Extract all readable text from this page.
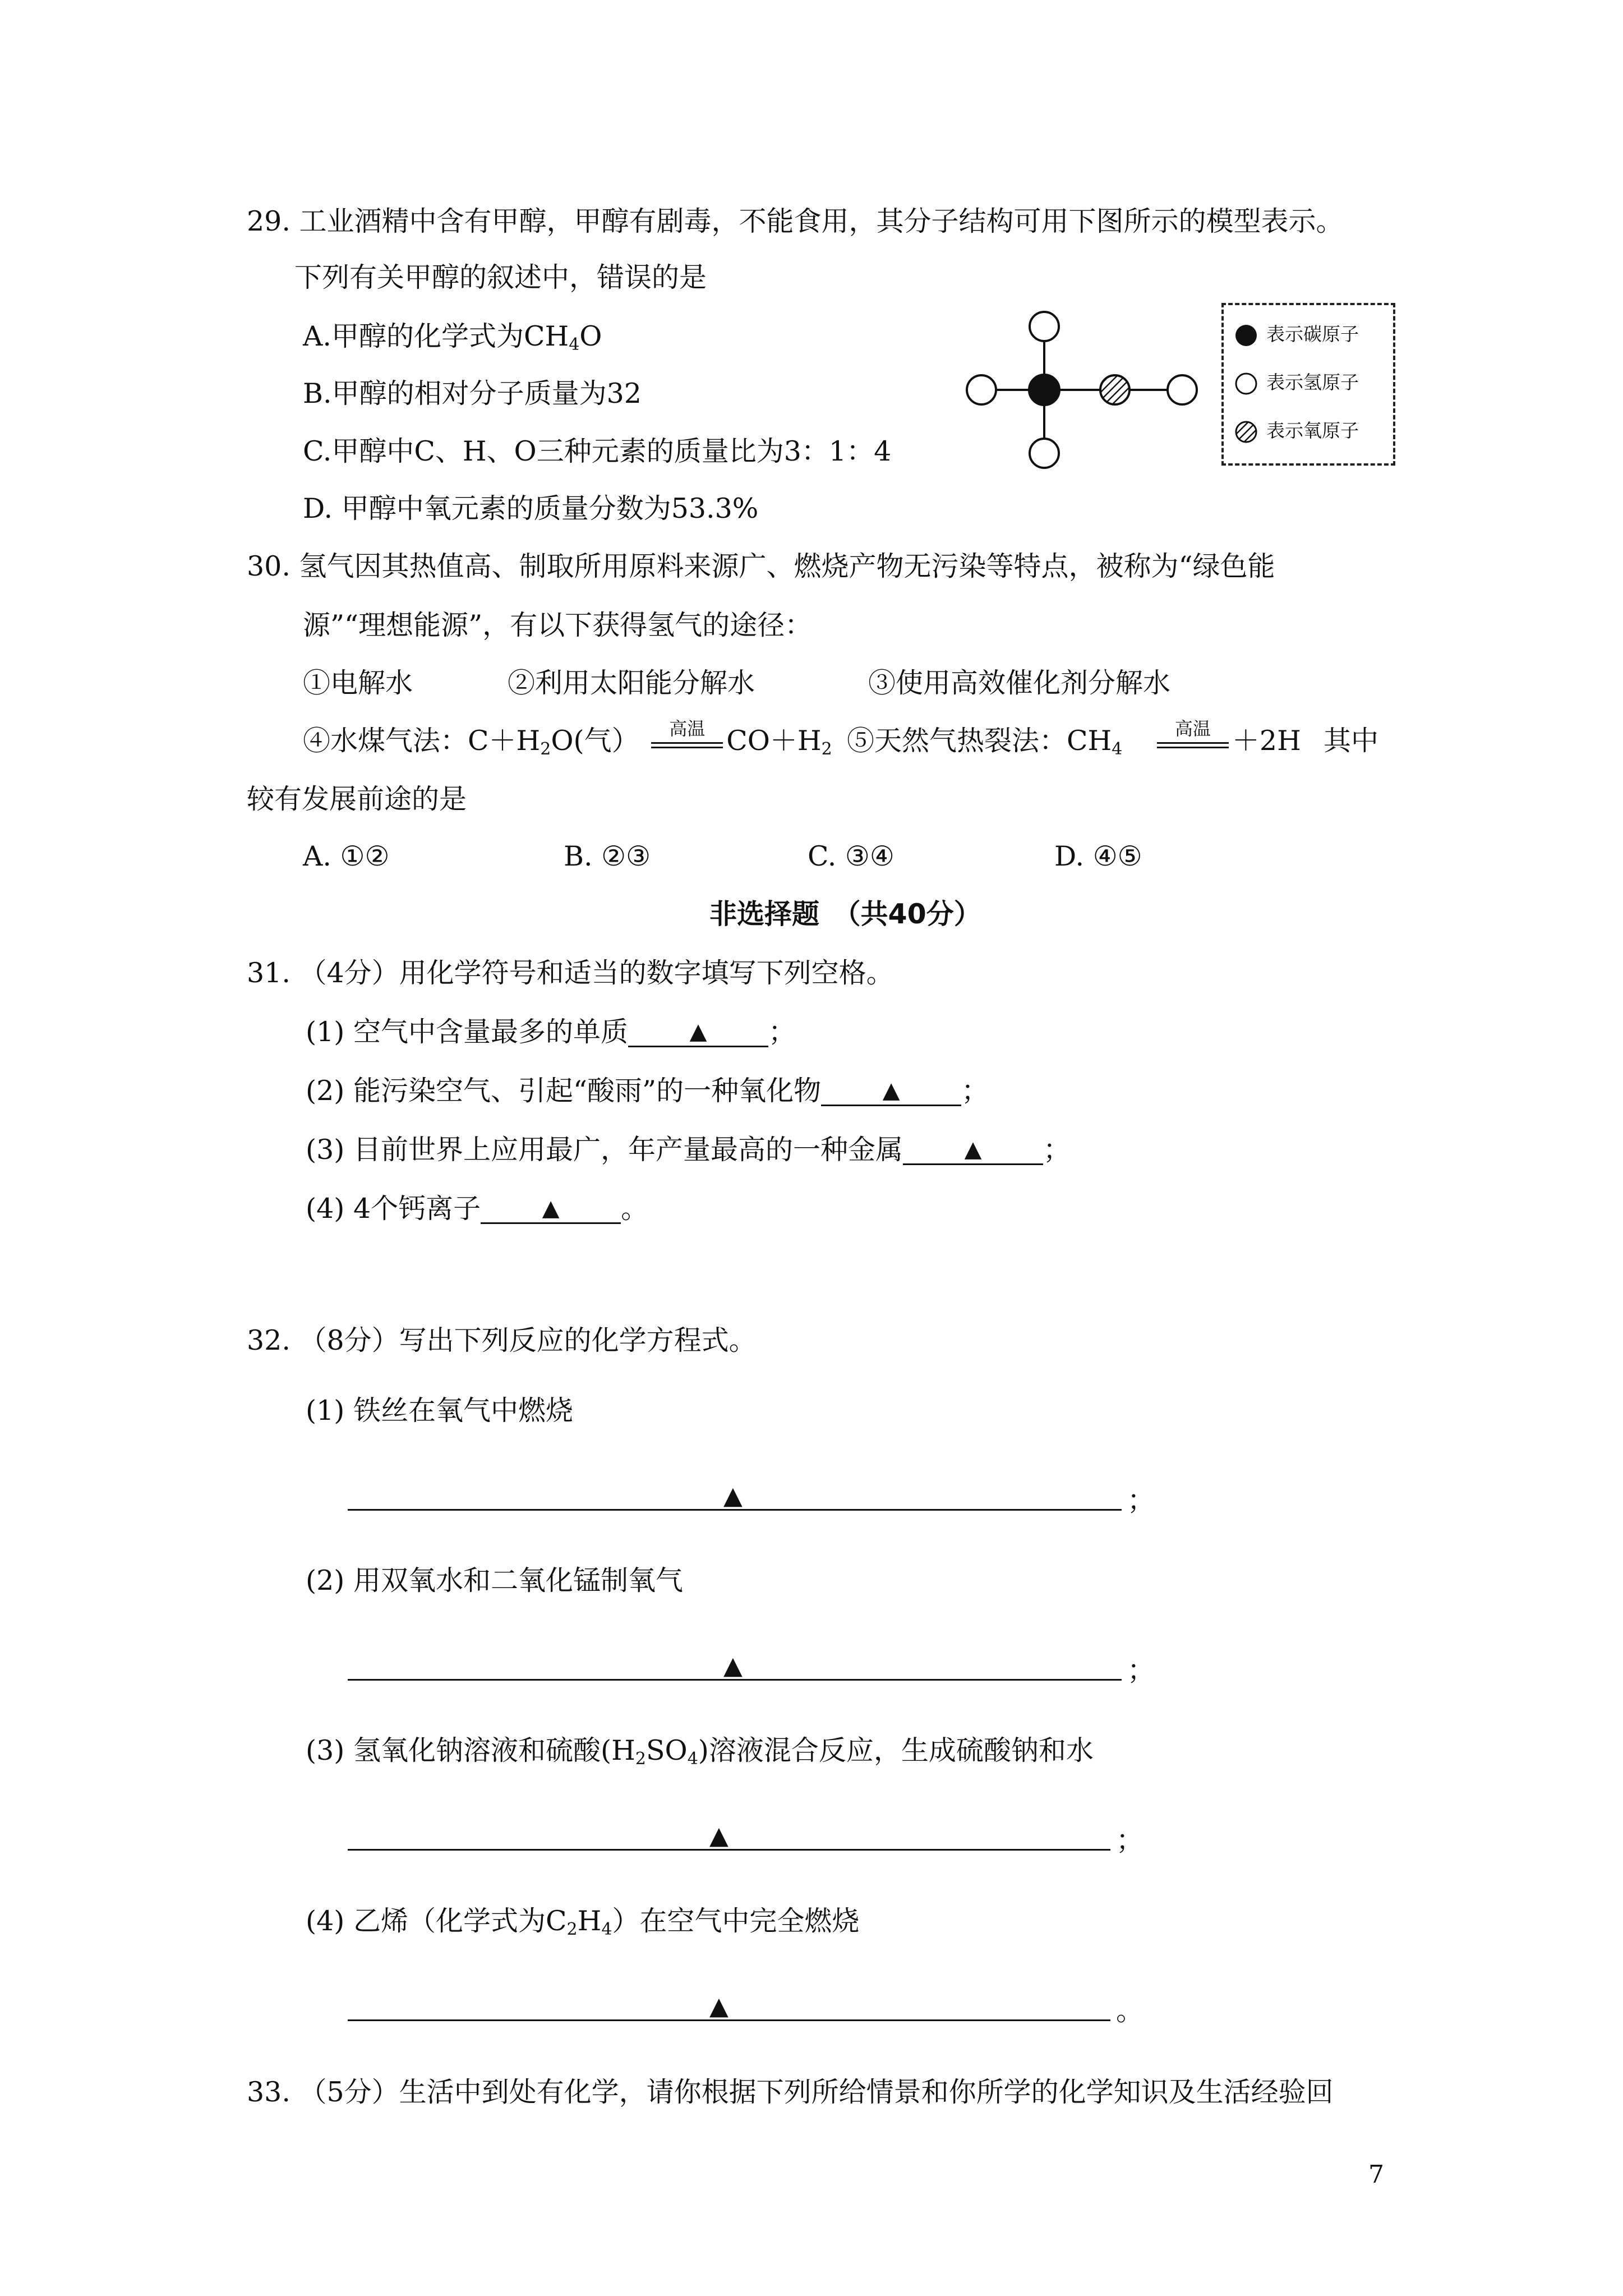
29. 工业酒精中含有甲醇，甲醇有剧毒，不能食用，其分子结构可用下图所示的模型表示。
下列有关甲醇的叙述中，错误的是
A.甲醇的化学式为$CH_4O$
B.甲醇的相对分子质量为32
C.甲醇中C、H、O三种元素的质量比为3：1：4
D. 甲醇中氧元素的质量分数为53.3%
表示碳原子
表示氢原子
表示氧原子
30. 氢气因其热值高、制取所用原料来源广、燃烧产物无污染等特点，被称为“绿色能
源”“理想能源”，有以下获得氢气的途径：
①电解水	②利用太阳能分解水	③使用高效催化剂分解水
④水煤气法：$C+H_2O$(气）	高温 $CO+H_2$ ⑤天然气热裂法：$CH_4$
高温 ＋2H 其中
较有发展前途的是
A. ①②	B. ②③	C. ③④	D. ④⑤
非选择题　（共40分）
31. （4分）用化学符号和适当的数字填写下列空格。
(1) 空气中含量最多的单质	▲ ；
(2) 能污染空气、引起“酸雨”的一种氧化物	▲ ；
(3) 目前世界上应用最广，年产量最高的一种金属	▲ ；
(4) 4个钙离子	▲ 。
32. （8分）写出下列反应的化学方程式。
(1) 铁丝在氧气中燃烧
▲	；
(2) 用双氧水和二氧化锰制氧气
▲	；
(3) 氢氧化钠溶液和硫酸$(H_2SO_4)$溶液混合反应，生成硫酸钠和水
▲	；
(4) 乙烯（化学式为$C_2H_4$）在空气中完全燃烧
▲	。
33. （5分）生活中到处有化学，请你根据下列所给情景和你所学的化学知识及生活经验回
7
